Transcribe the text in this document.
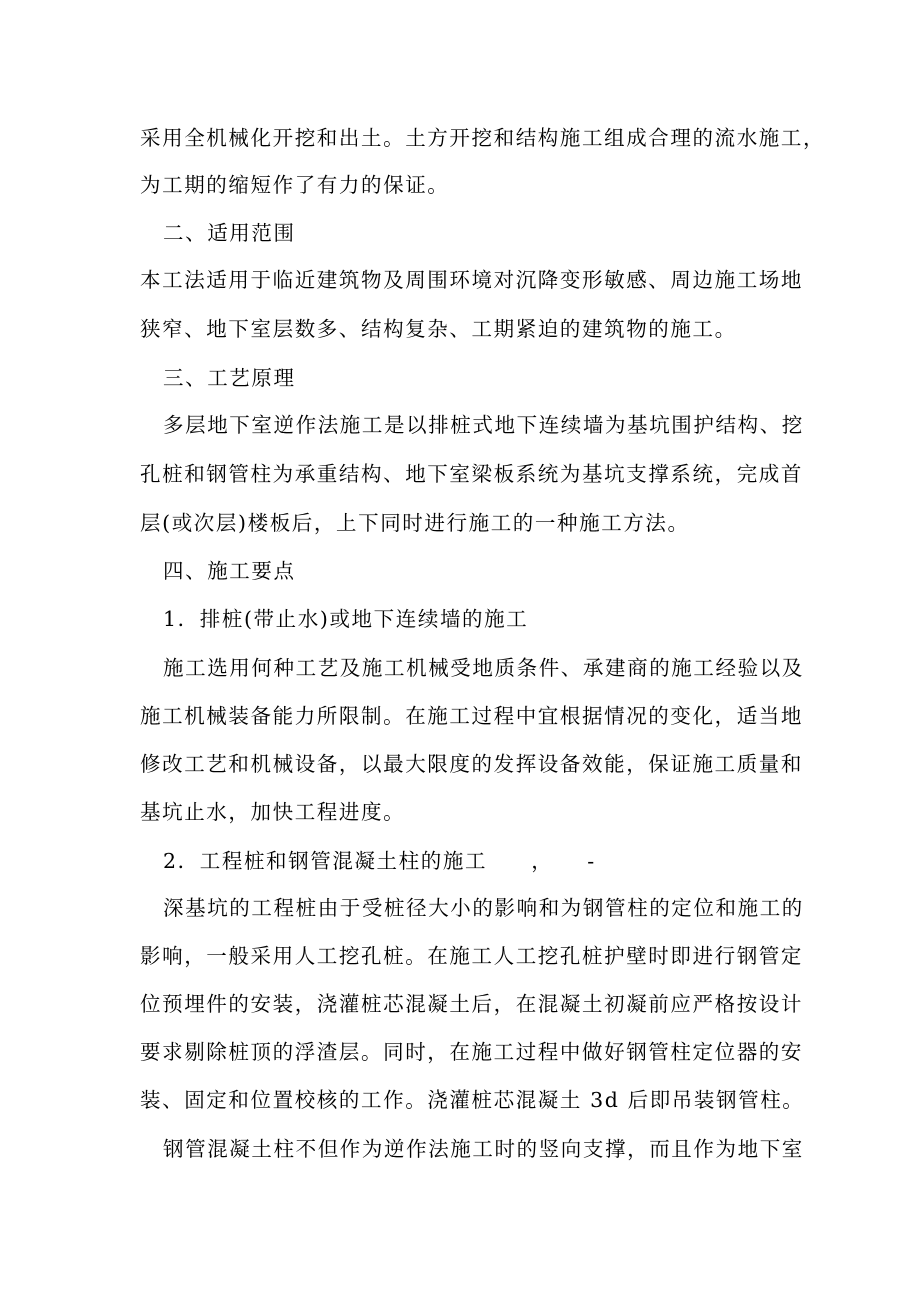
采用全机械化开挖和出土。土方开挖和结构施工组成合理的流水施工，
为工期的缩短作了有力的保证。
二、适用范围
本工法适用于临近建筑物及周围环境对沉降变形敏感、周边施工场地
狭窄、地下室层数多、结构复杂、工期紧迫的建筑物的施工。
三、工艺原理
多层地下室逆作法施工是以排桩式地下连续墙为基坑围护结构、挖
孔桩和钢管柱为承重结构、地下室梁板系统为基坑支撑系统，完成首
层(或次层)楼板后，上下同时进行施工的一种施工方法。
四、施工要点
1．排桩(带止水)或地下连续墙的施工
施工选用何种工艺及施工机械受地质条件、承建商的施工经验以及
施工机械装备能力所限制。在施工过程中宜根据情况的变化，适当地
修改工艺和机械设备，以最大限度的发挥设备效能，保证施工质量和
基坑止水，加快工程进度。
2．工程桩和钢管混凝土柱的施工　　，　　-
深基坑的工程桩由于受桩径大小的影响和为钢管柱的定位和施工的
影响，一般采用人工挖孔桩。在施工人工挖孔桩护壁时即进行钢管定
位预埋件的安装，浇灌桩芯混凝土后，在混凝土初凝前应严格按设计
要求剔除桩顶的浮渣层。同时，在施工过程中做好钢管柱定位器的安
装、固定和位置校核的工作。浇灌桩芯混凝土 3d 后即吊装钢管柱。
钢管混凝土柱不但作为逆作法施工时的竖向支撑，而且作为地下室
